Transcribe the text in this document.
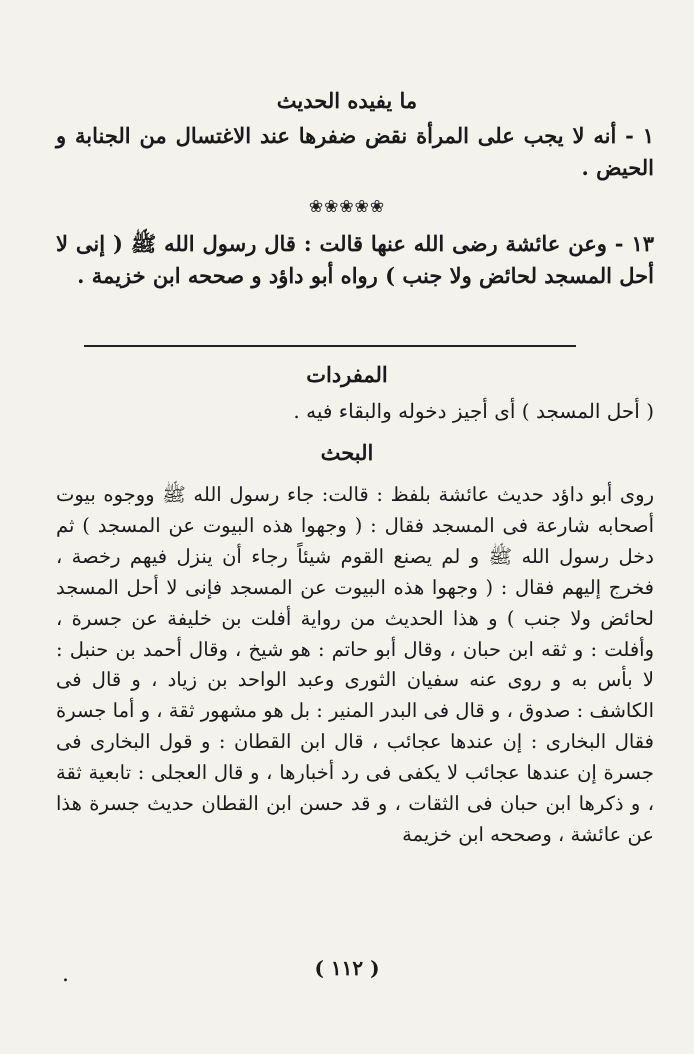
ما يفيده الحديث
١ - أنه لا يجب على المرأة نقض ضفرها عند الاغتسال من الجنابة و الحيض .
❀❀❀❀❀
١٣ - وعن عائشة رضى الله عنها قالت : قال رسول الله ﷺ ( إنى لا أحل المسجد لحائض ولا جنب ) رواه أبو داؤد و صححه ابن خزيمة .
المفردات
( أحل المسجد ) أى أجيز دخوله والبقاء فيه .
البحث
روى أبو داؤد حديث عائشة بلفظ : قالت: جاء رسول الله ﷺ ووجوه بيوت أصحابه شارعة فى المسجد فقال : ( وجهوا هذه البيوت عن المسجد ) ثم دخل رسول الله ﷺ و لم يصنع القوم شيئاً رجاء أن ينزل فيهم رخصة ، فخرج إليهم فقال : ( وجهوا هذه البيوت عن المسجد فإنى لا أحل المسجد لحائض ولا جنب ) و هذا الحديث من رواية أفلت بن خليفة عن جسرة ، وأفلت : و ثقه ابن حبان ، وقال أبو حاتم : هو شيخ ، وقال أحمد بن حنبل : لا بأس به و روى عنه سفيان الثورى وعبد الواحد بن زياد ، و قال فى الكاشف : صدوق ، و قال فى البدر المنير : بل هو مشهور ثقة ، و أما جسرة فقال البخارى : إن عندها عجائب ، قال ابن القطان : و قول البخارى فى جسرة إن عندها عجائب لا يكفى فى رد أخبارها ، و قال العجلى : تابعية ثقة ، و ذكرها ابن حبان فى الثقات ، و قد حسن ابن القطان حديث جسرة هذا عن عائشة ، وصححه ابن خزيمة
( ١١٢ )
.
